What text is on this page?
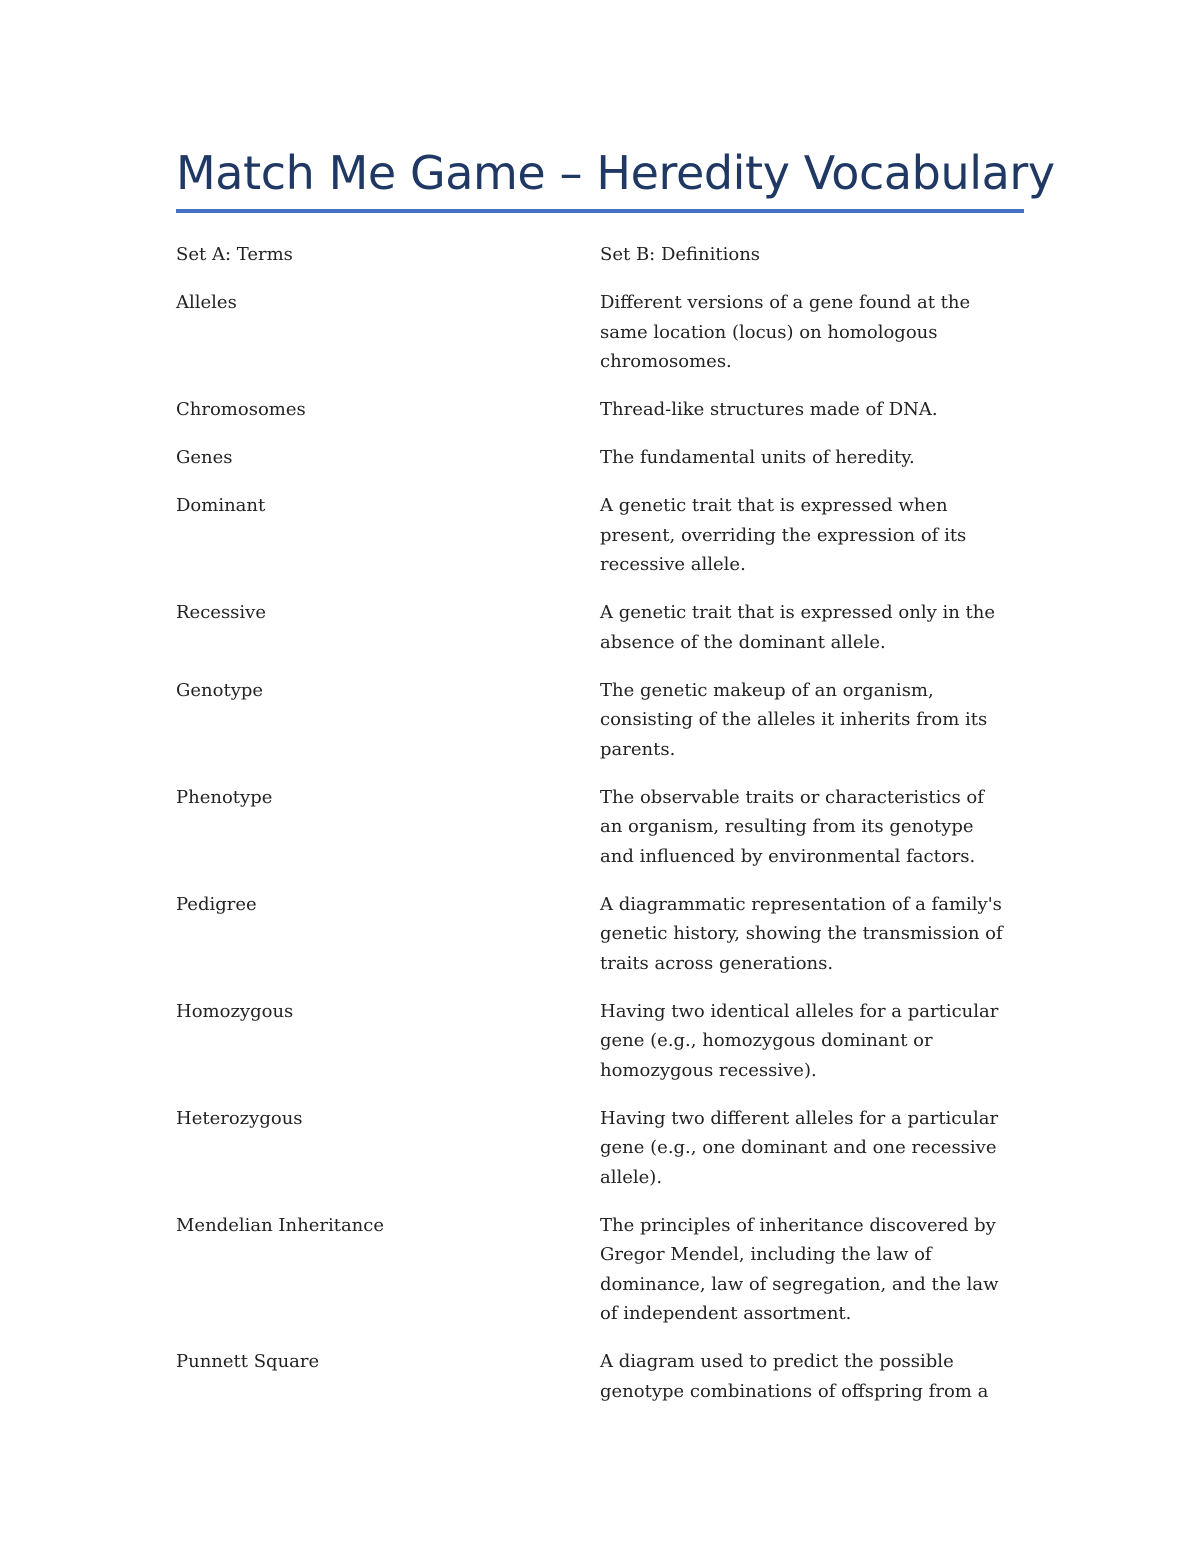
Match Me Game – Heredity Vocabulary
Set A: Terms	Set B: Definitions
Alleles	Different versions of a gene found at the same location (locus) on homologous chromosomes.
Chromosomes	Thread-like structures made of DNA.
Genes	The fundamental units of heredity.
Dominant	A genetic trait that is expressed when present, overriding the expression of its recessive allele.
Recessive	A genetic trait that is expressed only in the absence of the dominant allele.
Genotype	The genetic makeup of an organism, consisting of the alleles it inherits from its parents.
Phenotype	The observable traits or characteristics of an organism, resulting from its genotype and influenced by environmental factors.
Pedigree	A diagrammatic representation of a family's genetic history, showing the transmission of traits across generations.
Homozygous	Having two identical alleles for a particular gene (e.g., homozygous dominant or homozygous recessive).
Heterozygous	Having two different alleles for a particular gene (e.g., one dominant and one recessive allele).
Mendelian Inheritance	The principles of inheritance discovered by Gregor Mendel, including the law of dominance, law of segregation, and the law of independent assortment.
Punnett Square	A diagram used to predict the possible genotype combinations of offspring from a
